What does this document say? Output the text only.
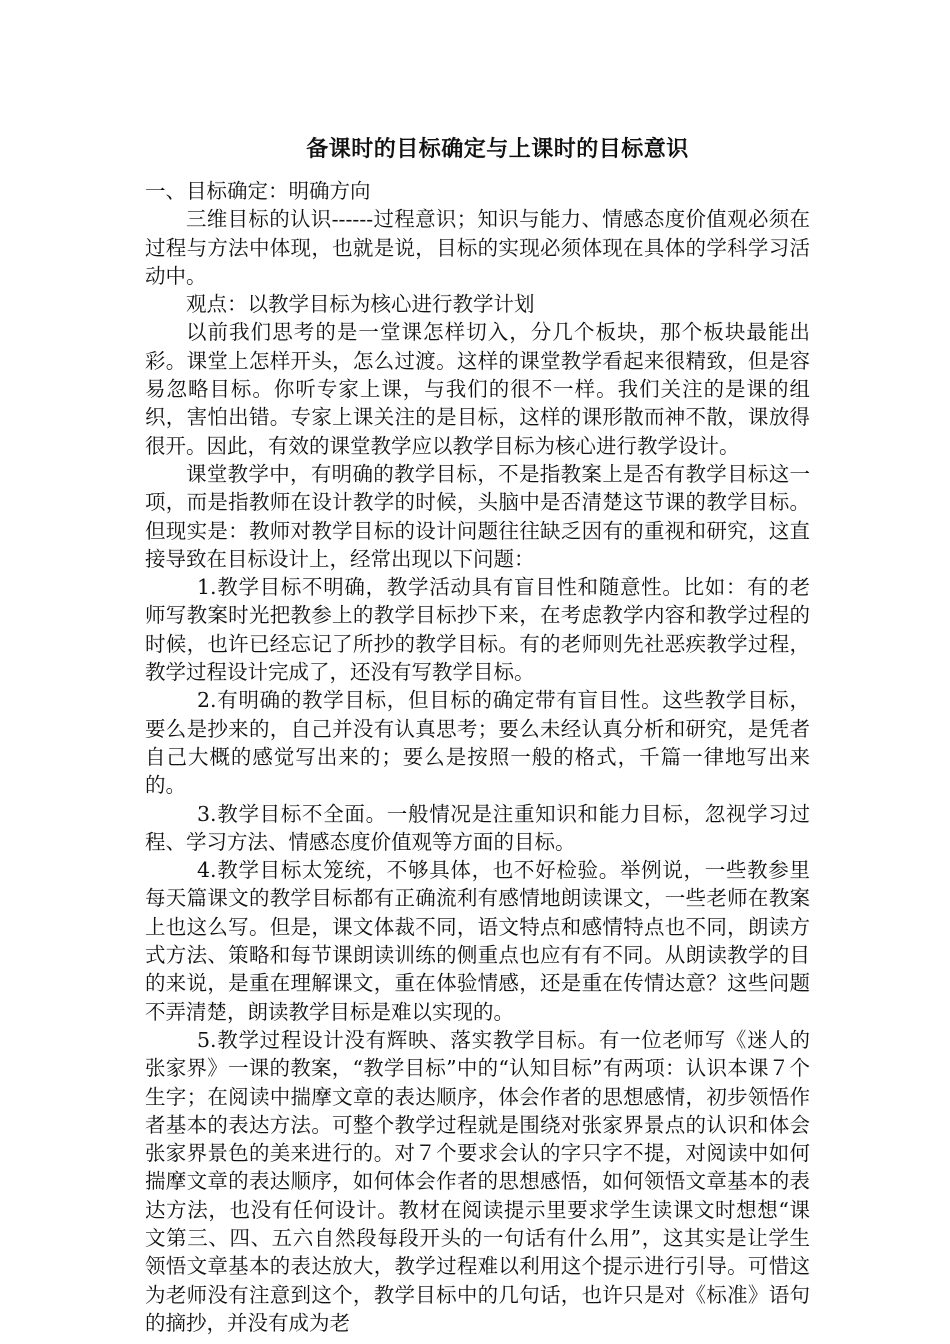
备课时的目标确定与上课时的目标意识

一、目标确定：明确方向

三维目标的认识------过程意识；知识与能力、情感态度价值观必须在过程与方法中体现，也就是说，目标的实现必须体现在具体的学科学习活动中。

观点：以教学目标为核心进行教学计划

以前我们思考的是一堂课怎样切入，分几个板块，那个板块最能出彩。课堂上怎样开头，怎么过渡。这样的课堂教学看起来很精致，但是容易忽略目标。你听专家上课，与我们的很不一样。我们关注的是课的组织，害怕出错。专家上课关注的是目标，这样的课形散而神不散，课放得很开。因此，有效的课堂教学应以教学目标为核心进行教学设计。

课堂教学中，有明确的教学目标，不是指教案上是否有教学目标这一项，而是指教师在设计教学的时候，头脑中是否清楚这节课的教学目标。但现实是：教师对教学目标的设计问题往往缺乏因有的重视和研究，这直接导致在目标设计上，经常出现以下问题：

1.教学目标不明确，教学活动具有盲目性和随意性。比如：有的老师写教案时光把教参上的教学目标抄下来，在考虑教学内容和教学过程的时候，也许已经忘记了所抄的教学目标。有的老师则先社恶疾教学过程，教学过程设计完成了，还没有写教学目标。

2.有明确的教学目标，但目标的确定带有盲目性。这些教学目标，要么是抄来的，自己并没有认真思考；要么未经认真分析和研究，是凭者自己大概的感觉写出来的；要么是按照一般的格式，千篇一律地写出来的。

3.教学目标不全面。一般情况是注重知识和能力目标，忽视学习过程、学习方法、情感态度价值观等方面的目标。

4.教学目标太笼统，不够具体，也不好检验。举例说，一些教参里每天篇课文的教学目标都有正确流利有感情地朗读课文，一些老师在教案上也这么写。但是，课文体裁不同，语文特点和感情特点也不同，朗读方式方法、策略和每节课朗读训练的侧重点也应有有不同。从朗读教学的目的来说，是重在理解课文，重在体验情感，还是重在传情达意？这些问题不弄清楚，朗读教学目标是难以实现的。

5.教学过程设计没有辉映、落实教学目标。有一位老师写《迷人的张家界》一课的教案，“教学目标”中的“认知目标”有两项：认识本课７个生字；在阅读中揣摩文章的表达顺序，体会作者的思想感情，初步领悟作者基本的表达方法。可整个教学过程就是围绕对张家界景点的认识和体会张家界景色的美来进行的。对７个要求会认的字只字不提，对阅读中如何揣摩文章的表达顺序，如何体会作者的思想感悟，如何领悟文章基本的表达方法，也没有任何设计。教材在阅读提示里要求学生读课文时想想“课文第三、四、五六自然段每段开头的一句话有什么用”，这其实是让学生领悟文章基本的表达放大，教学过程难以利用这个提示进行引导。可惜这为老师没有注意到这个，教学目标中的几句话，也许只是对《标准》语句的摘抄，并没有成为老
